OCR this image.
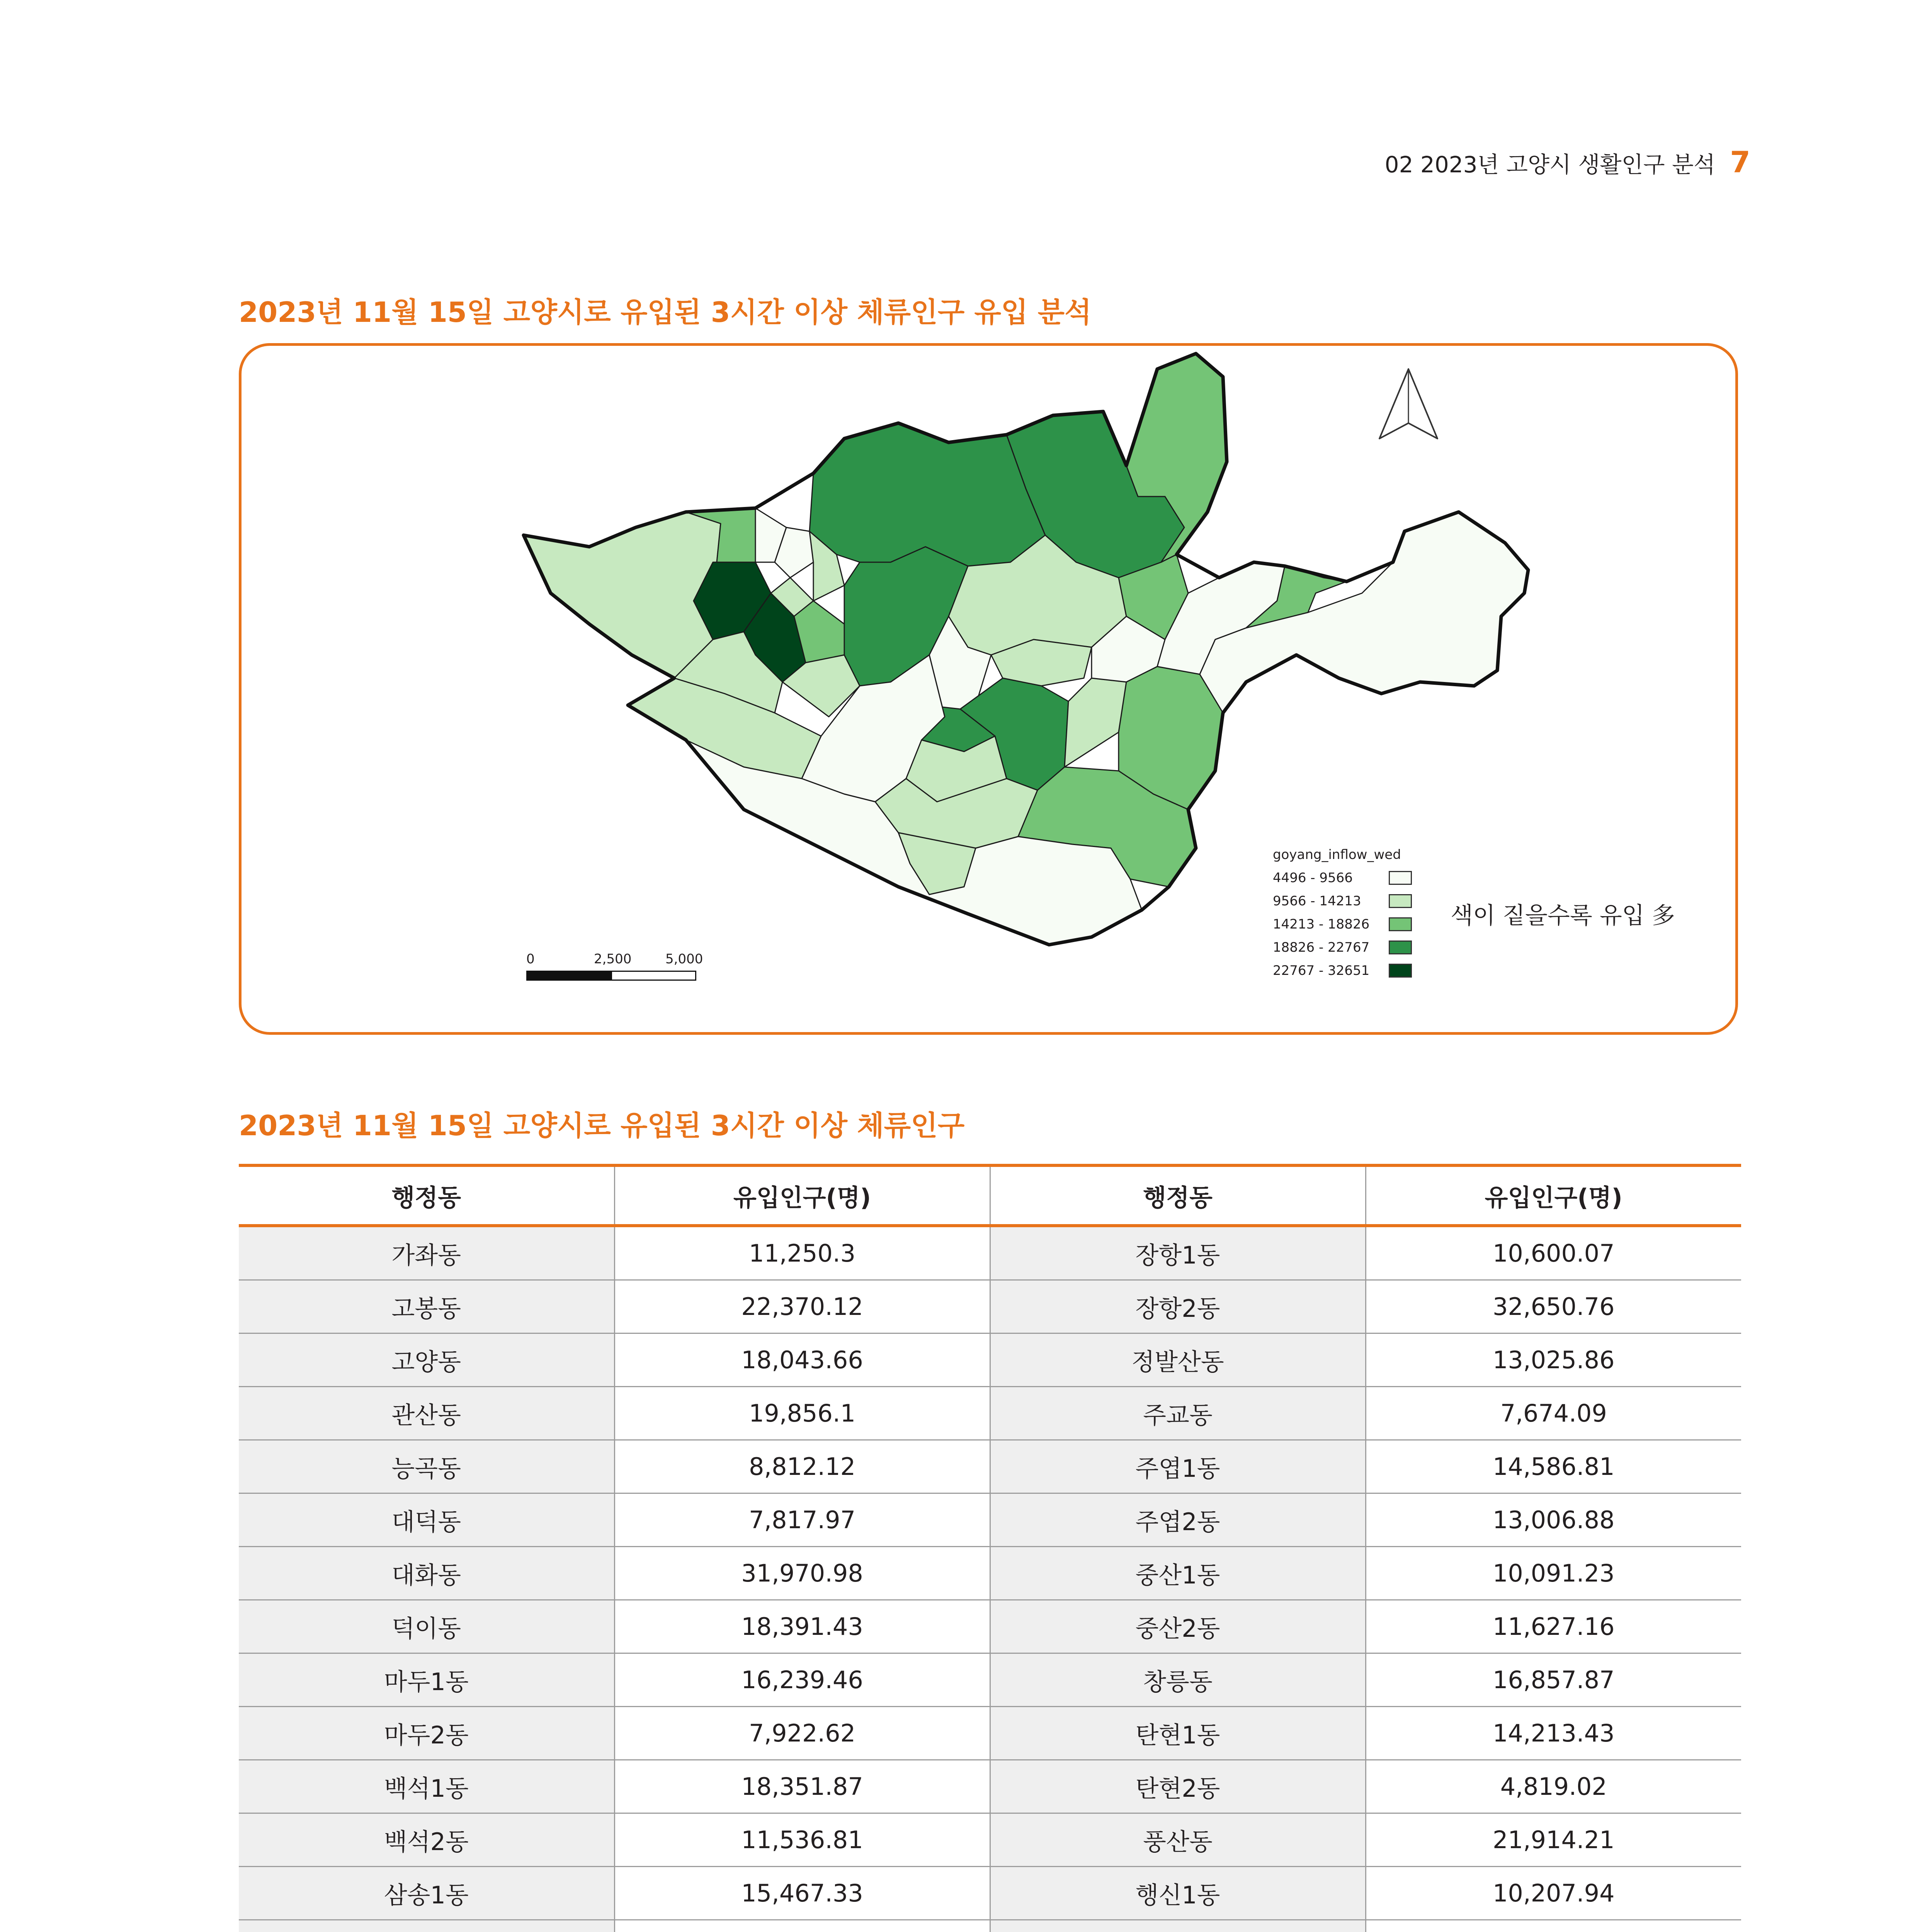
02 2023년 고양시 생활인구 분석 7
2023년 11월 15일 고양시로 유입된 3시간 이상 체류인구 유입 분석
goyang_inflow_wed
4496 - 9566
9566 - 14213
14213 - 18826
18826 - 22767
22767 - 32651
색이 짙을수록 유입 多
0	2,500	5,000
2023년 11월 15일 고양시로 유입된 3시간 이상 체류인구
행정동	유입인구(명)	행정동	유입인구(명)
가좌동	11,250.3	장항1동	10,600.07
고봉동	22,370.12	장항2동	32,650.76
고양동	18,043.66	정발산동	13,025.86
관산동	19,856.1	주교동	7,674.09
능곡동	8,812.12	주엽1동	14,586.81
대덕동	7,817.97	주엽2동	13,006.88
대화동	31,970.98	중산1동	10,091.23
덕이동	18,391.43	중산2동	11,627.16
마두1동	16,239.46	창릉동	16,857.87
마두2동	7,922.62	탄현1동	14,213.43
백석1동	18,351.87	탄현2동	4,819.02
백석2동	11,536.81	풍산동	21,914.21
삼송1동	15,467.33	행신1동	10,207.94
